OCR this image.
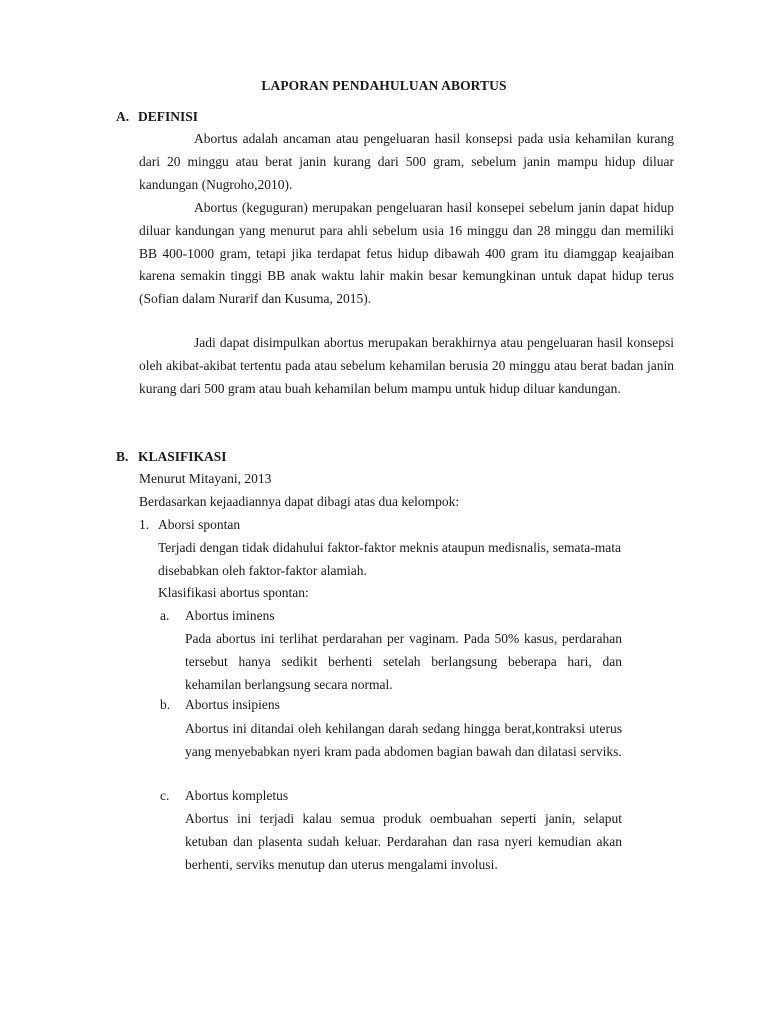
LAPORAN PENDAHULUAN ABORTUS
A. DEFINISI
Abortus adalah ancaman atau pengeluaran hasil konsepsi pada usia kehamilan kurang dari 20 minggu atau berat janin kurang dari 500 gram, sebelum janin mampu hidup diluar kandungan (Nugroho,2010).
Abortus (keguguran) merupakan pengeluaran hasil konsepei sebelum janin dapat hidup diluar kandungan yang menurut para ahli sebelum usia 16 minggu dan 28 minggu dan memiliki BB 400-1000 gram, tetapi jika terdapat fetus hidup dibawah 400 gram itu diamggap keajaiban karena semakin tinggi BB anak waktu lahir makin besar kemungkinan untuk dapat hidup terus (Sofian dalam Nurarif dan Kusuma, 2015).
Jadi dapat disimpulkan abortus merupakan berakhirnya atau pengeluaran hasil konsepsi oleh akibat-akibat tertentu pada atau sebelum kehamilan berusia 20 minggu atau berat badan janin kurang dari 500 gram atau buah kehamilan belum mampu untuk hidup diluar kandungan.
B. KLASIFIKASI
Menurut Mitayani, 2013
Berdasarkan kejaadiannya dapat dibagi atas dua kelompok:
1. Aborsi spontan
Terjadi dengan tidak didahului faktor-faktor meknis ataupun medisnalis, semata-mata disebabkan oleh faktor-faktor alamiah.
Klasifikasi abortus spontan:
a. Abortus iminens
Pada abortus ini terlihat perdarahan per vaginam. Pada 50% kasus, perdarahan tersebut hanya sedikit berhenti setelah berlangsung beberapa hari, dan kehamilan berlangsung secara normal.
b. Abortus insipiens
Abortus ini ditandai oleh kehilangan darah sedang hingga berat,kontraksi uterus yang menyebabkan nyeri kram pada abdomen bagian bawah dan dilatasi serviks.
c. Abortus kompletus
Abortus ini terjadi kalau semua produk oembuahan seperti janin, selaput ketuban dan plasenta sudah keluar. Perdarahan dan rasa nyeri kemudian akan berhenti, serviks menutup dan uterus mengalami involusi.
